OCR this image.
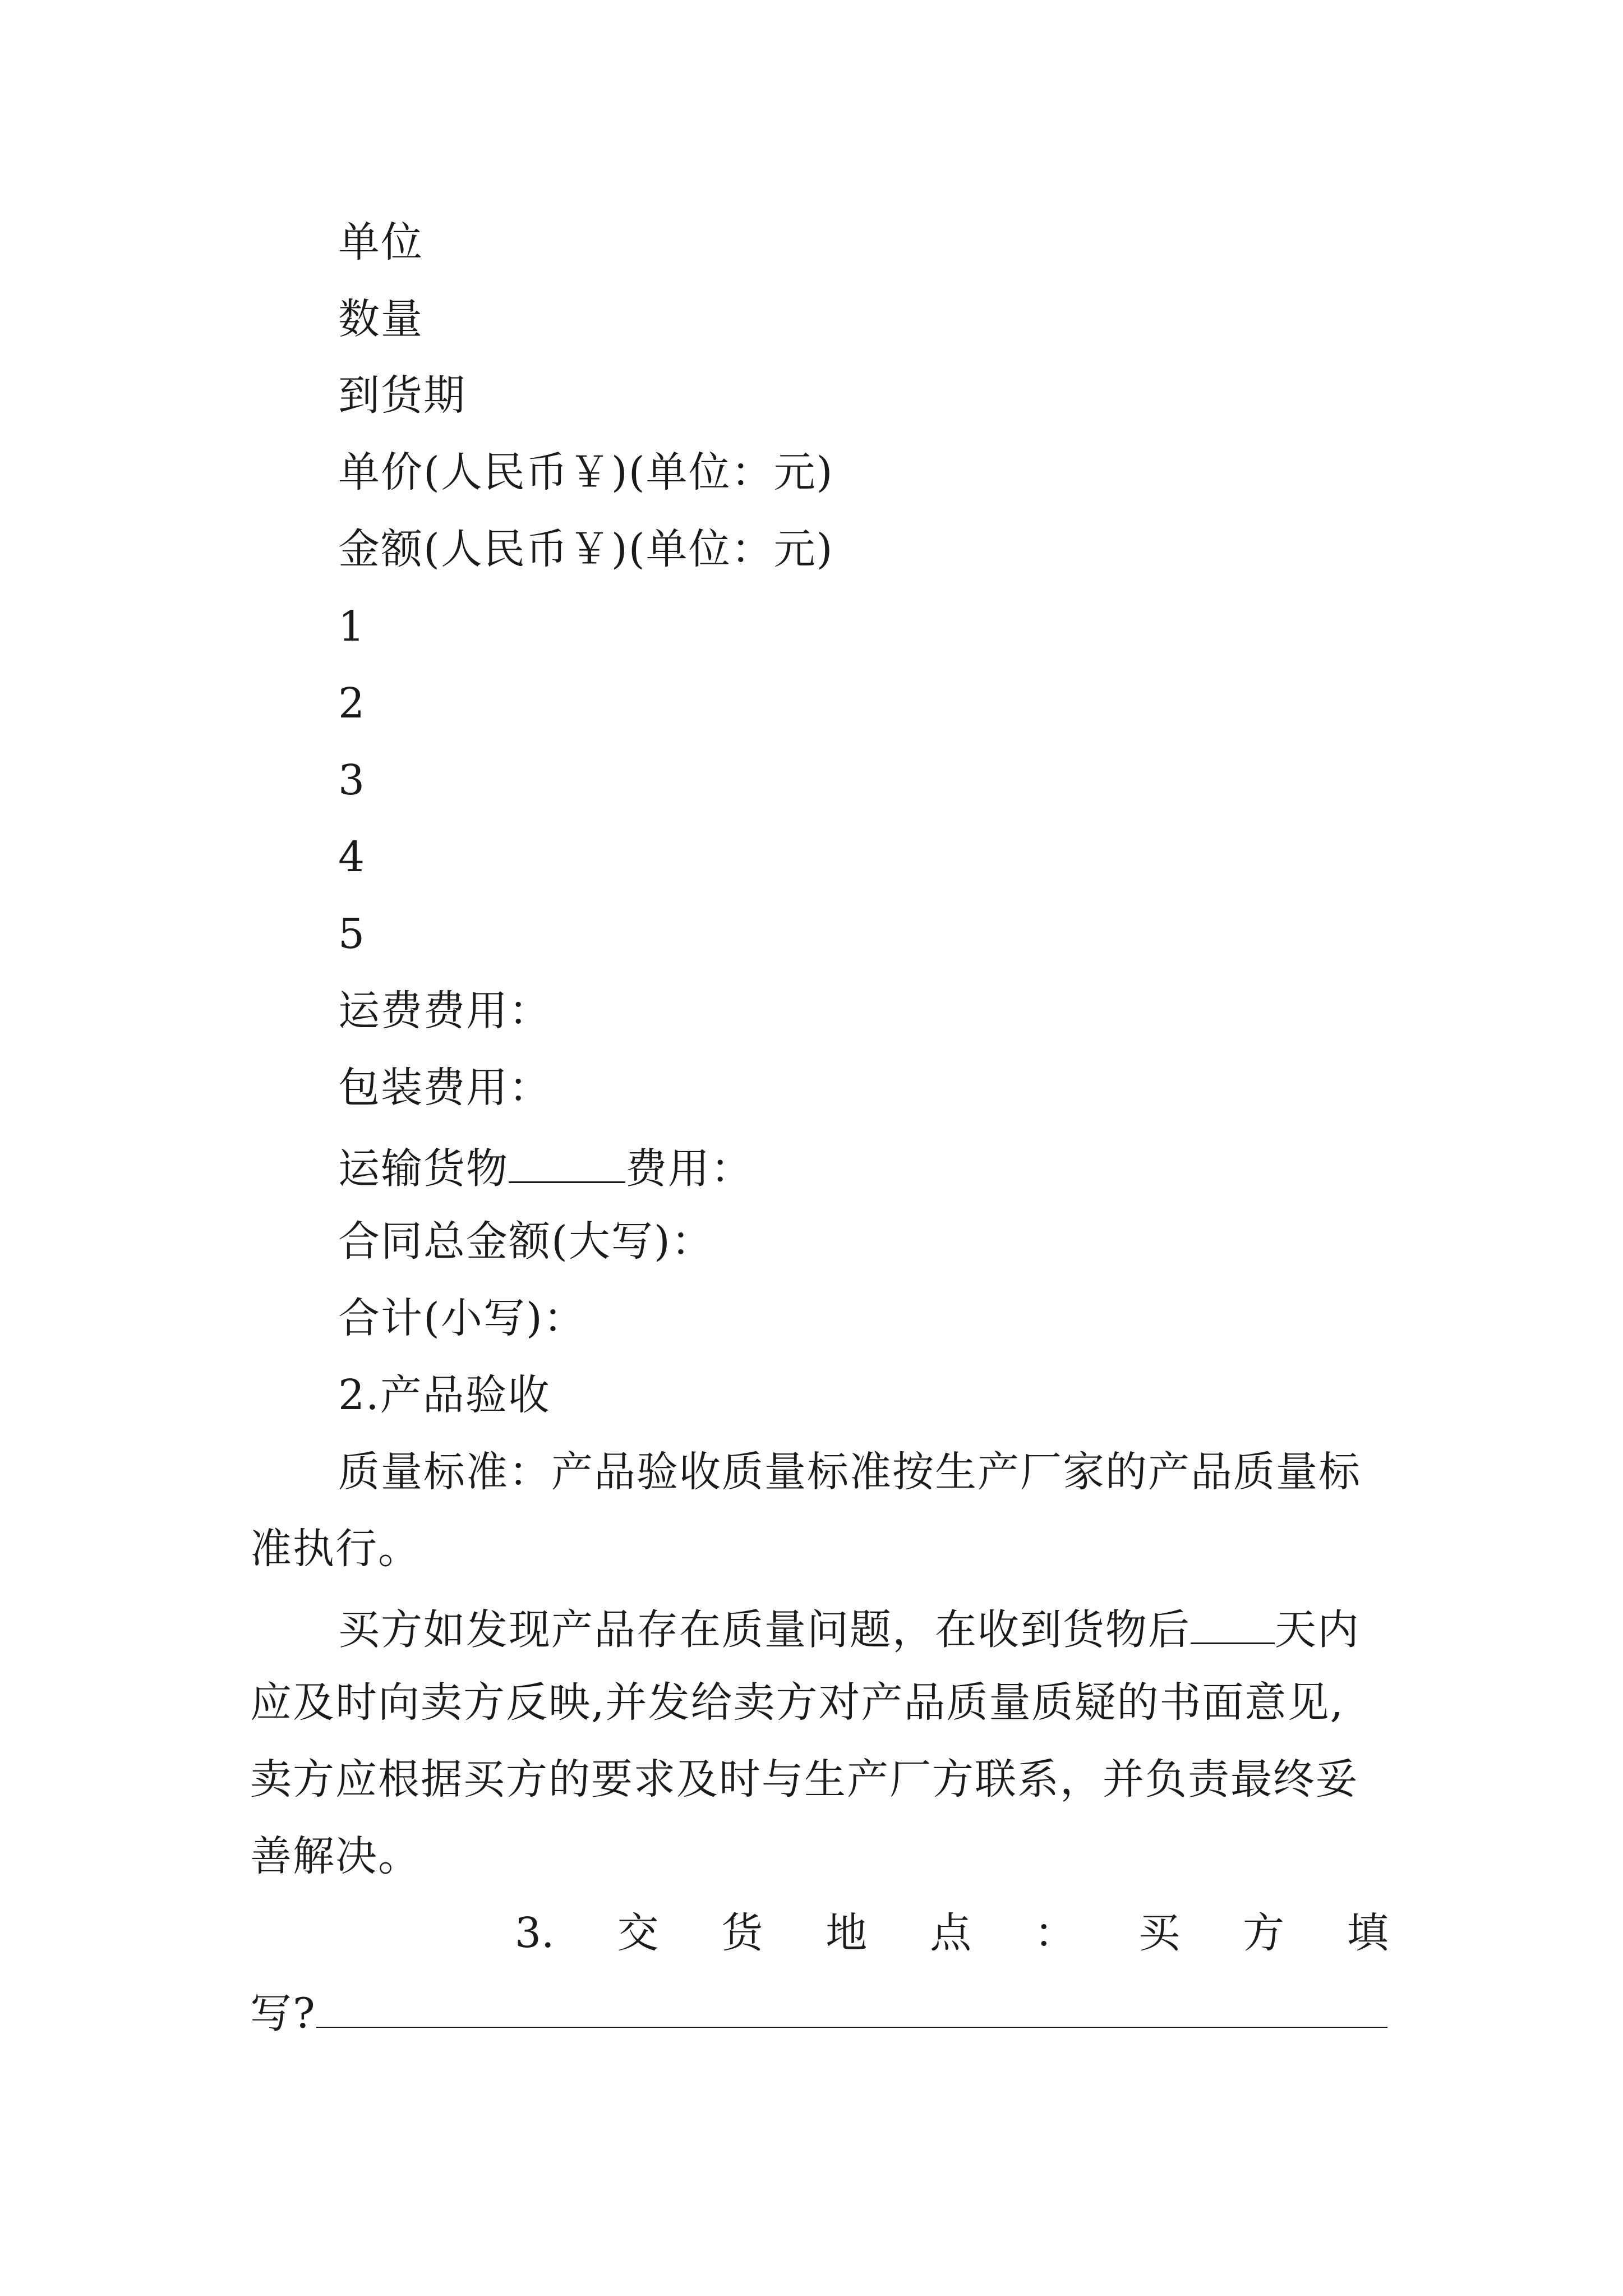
单位
数量
到货期
单价(人民币￥)(单位：元)
金额(人民币￥)(单位：元)
1
2
3
4
5
运费费用：
包装费用：
运输货物	费用：
合同总金额(大写)：
合计(小写)：
2.产品验收
质量标准：产品验收质量标准按生产厂家的产品质量标
准执行。
买方如发现产品存在质量问题，在收到货物后 天内
应及时向卖方反映,并发给卖方对产品质量质疑的书面意见,
卖方应根据买方的要求及时与生产厂方联系，并负责最终妥
善解决。
3. 交 货 地 点 ： 买 方 填
写?
